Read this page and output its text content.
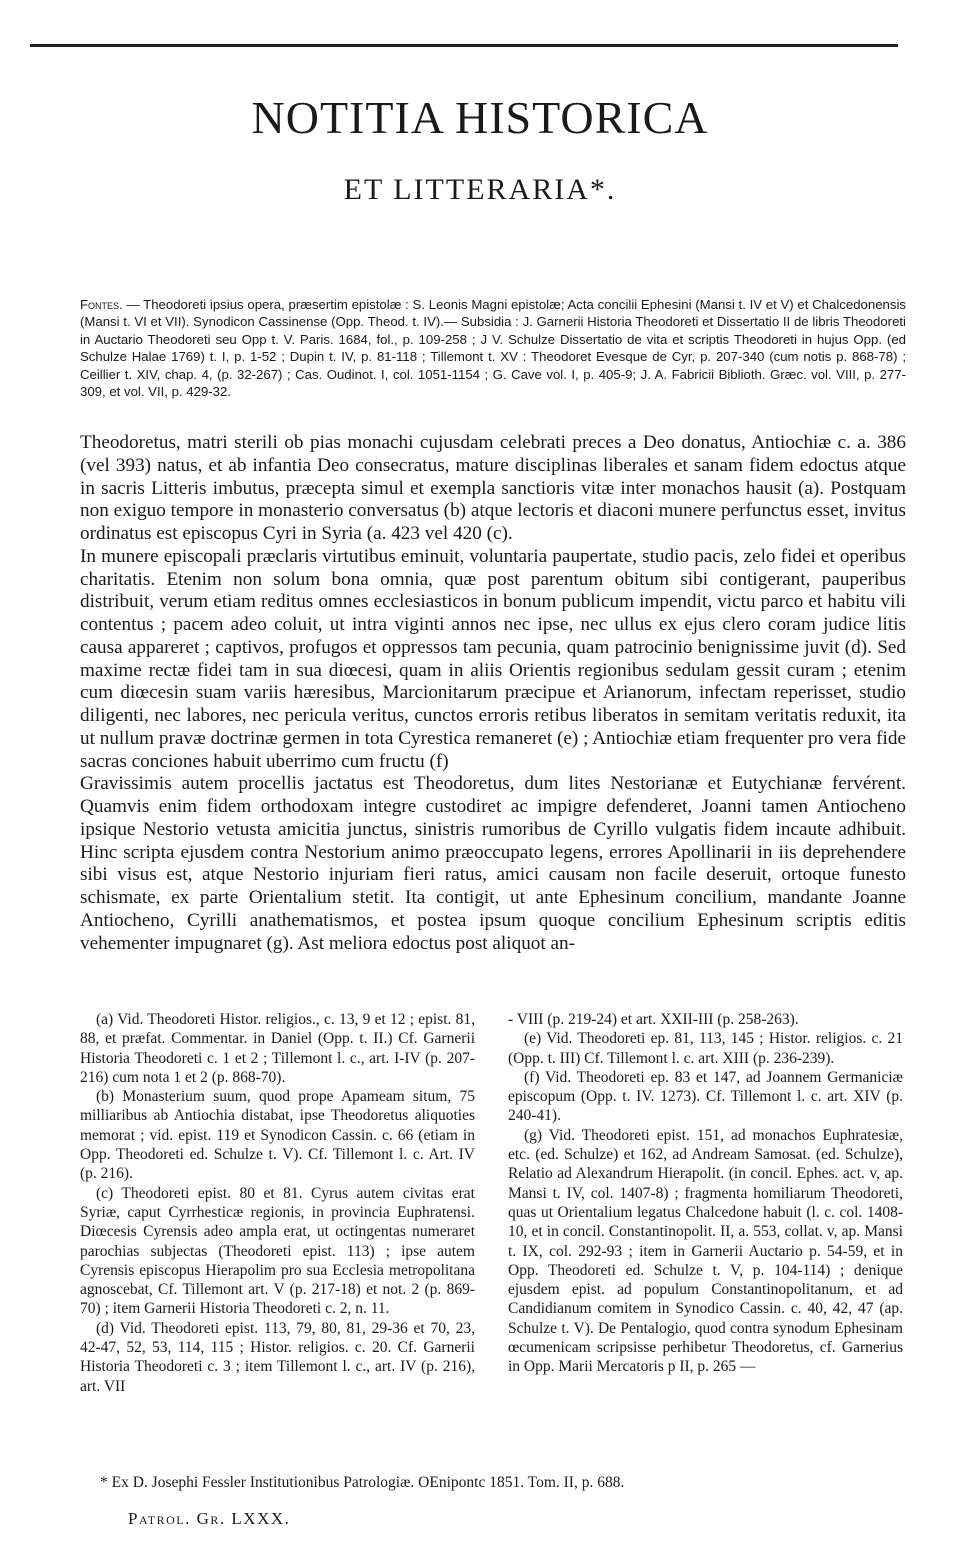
NOTITIA HISTORICA
ET LITTERARIA*.
Fontes. — Theodoreti ipsius opera, præsertim epistolæ : S. Leonis Magni epistolæ; Acta concilii Ephesini (Mansi t. IV et V) et Chalcedonensis (Mansi t. VI et VII). Synodicon Cassinense (Opp. Theod. t. IV).— Subsidia : J. Garnerii Historia Theodoreti et Dissertatio II de libris Theodoreti in Auctario Theodoreti seu Opp t. V. Paris. 1684, fol., p. 109-258 ; J V. Schulze Dissertatio de vita et scriptis Theodoreti in hujus Opp. (ed Schulze Halae 1769) t. I, p. 1-52 ; Dupin t. IV, p. 81-118 ; Tillemont t. XV : Theodoret Evesque de Cyr, p. 207-340 (cum notis p. 868-78) ; Ceillier t. XIV, chap. 4, (p. 32-267) ; Cas. Oudinot. I, col. 1051-1154 ; G. Cave vol. I, p. 405-9; J. A. Fabricii Biblioth. Græc. vol. VIII, p. 277-309, et vol. VII, p. 429-32.

Theodoretus, matri sterili ob pias monachi cujusdam celebrati preces a Deo donatus, Antiochiæ c. a. 386 (vel 393) natus, et ab infantia Deo consecratus, mature disciplinas liberales et sanam fidem edoctus atque in sacris Litteris imbutus, præcepta simul et exempla sanctioris vitæ inter monachos hausit (a). Postquam non exiguo tempore in monasterio conversatus (b) atque lectoris et diaconi munere perfunctus esset, invitus ordinatus est episcopus Cyri in Syria (a. 423 vel 420 (c).

In munere episcopali præclaris virtutibus eminuit, voluntaria paupertate, studio pacis, zelo fidei et operibus charitatis. Etenim non solum bona omnia, quæ post parentum obitum sibi contigerant, pauperibus distribuit, verum etiam reditus omnes ecclesiasticos in bonum publicum impendit, victu parco et habitu vili contentus ; pacem adeo coluit, ut intra viginti annos nec ipse, nec ullus ex ejus clero coram judice litis causa appareret ; captivos, profugos et oppressos tam pecunia, quam patrocinio benignissime juvit (d). Sed maxime rectæ fidei tam in sua diœcesi, quam in aliis Orientis regionibus sedulam gessit curam ; etenim cum diœcesin suam variis hæresibus, Marcionitarum præcipue et Arianorum, infectam reperisset, studio diligenti, nec labores, nec pericula veritus, cunctos erroris retibus liberatos in semitam veritatis reduxit, ita ut nullum pravæ doctrinæ germen in tota Cyrestica remaneret (e) ; Antiochiæ etiam frequenter pro vera fide sacras conciones habuit uberrimo cum fructu (f)

Gravissimis autem procellis jactatus est Theodoretus, dum lites Nestorianæ et Eutychianæ fervérent. Quamvis enim fidem orthodoxam integre custodiret ac impigre defenderet, Joanni tamen Antiocheno ipsique Nestorio vetusta amicitia junctus, sinistris rumoribus de Cyrillo vulgatis fidem incaute adhibuit. Hinc scripta ejusdem contra Nestorium animo præoccupato legens, errores Apollinarii in iis deprehendere sibi visus est, atque Nestorio injuriam fieri ratus, amici causam non facile deseruit, ortoque funesto schismate, ex parte Orientalium stetit. Ita contigit, ut ante Ephesinum concilium, mandante Joanne Antiocheno, Cyrilli anathematismos, et postea ipsum quoque concilium Ephesinum scriptis editis vehementer impugnaret (g). Ast meliora edoctus post aliquot an-

(a) Vid. Theodoreti Histor. religios., c. 13, 9 et 12 ; epist. 81, 88, et præfat. Commentar. in Daniel (Opp. t. II.) Cf. Garnerii Historia Theodoreti c. 1 et 2 ; Tillemont l. c., art. I-IV (p. 207-216) cum nota 1 et 2 (p. 868-70).

(b) Monasterium suum, quod prope Apameam situm, 75 milliaribus ab Antiochia distabat, ipse Theodoretus aliquoties memorat ; vid. epist. 119 et Synodicon Cassin. c. 66 (etiam in Opp. Theodoreti ed. Schulze t. V). Cf. Tillemont l. c. Art. IV (p. 216).

(c) Theodoreti epist. 80 et 81. Cyrus autem civitas erat Syriæ, caput Cyrrhesticæ regionis, in provincia Euphratensi. Diœcesis Cyrensis adeo ampla erat, ut octingentas numeraret parochias subjectas (Theodoreti epist. 113) ; ipse autem Cyrensis episcopus Hierapolim pro sua Ecclesia metropolitana agnoscebat, Cf. Tillemont art. V (p. 217-18) et not. 2 (p. 869-70) ; item Garnerii Historia Theodoreti c. 2, n. 11.

(d) Vid. Theodoreti epist. 113, 79, 80, 81, 29-36 et 70, 23, 42-47, 52, 53, 114, 115 ; Histor. religios. c. 20. Cf. Garnerii Historia Theodoreti c. 3 ; item Tillemont l. c., art. IV (p. 216), art. VII

- VIII (p. 219-24) et art. XXII-III (p. 258-263).

(e) Vid. Theodoreti ep. 81, 113, 145 ; Histor. religios. c. 21 (Opp. t. III) Cf. Tillemont l. c. art. XIII (p. 236-239).

(f) Vid. Theodoreti ep. 83 et 147, ad Joannem Germaniciæ episcopum (Opp. t. IV. 1273). Cf. Tillemont l. c. art. XIV (p. 240-41).

(g) Vid. Theodoreti epist. 151, ad monachos Euphratesiæ, etc. (ed. Schulze) et 162, ad Andream Samosat. (ed. Schulze), Relatio ad Alexandrum Hierapolit. (in concil. Ephes. act. v, ap. Mansi t. IV, col. 1407-8) ; fragmenta homiliarum Theodoreti, quas ut Orientalium legatus Chalcedone habuit (l. c. col. 1408-10, et in concil. Constantinopolit. II, a. 553, collat. v, ap. Mansi t. IX, col. 292-93 ; item in Garnerii Auctario p. 54-59, et in Opp. Theodoreti ed. Schulze t. V, p. 104-114) ; denique ejusdem epist. ad populum Constantinopolitanum, et ad Candidianum comitem in Synodico Cassin. c. 40, 42, 47 (ap. Schulze t. V). De Pentalogio, quod contra synodum Ephesinam œcumenicam scripsisse perhibetur Theodoretus, cf. Garnerius in Opp. Marii Mercatoris p II, p. 265 —

* Ex D. Josephi Fessler Institutionibus Patrologiæ. OEnipontc 1851. Tom. II, p. 688.
Patrol. Gr. LXXX.
